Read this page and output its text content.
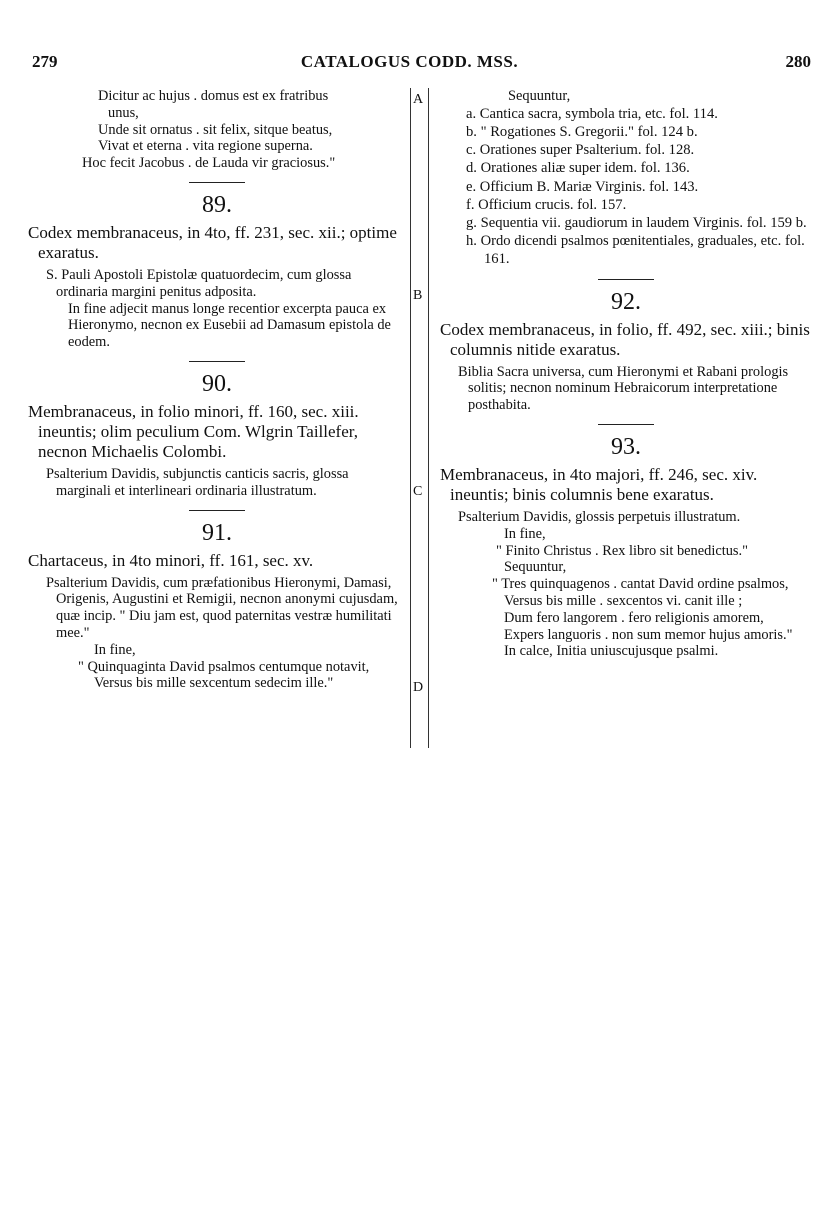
279	CATALOGUS CODD. MSS.	280
A
B
C
D

Dicitur ac hujus . domus est ex fratribus

unus,

Unde sit ornatus . sit felix, sitque beatus,

Vivat et eterna . vita regione superna.

Hoc fecit Jacobus . de Lauda vir graciosus."

89.

Codex membranaceus, in 4to, ff. 231, sec. xii.; optime exaratus.

S. Pauli Apostoli Epistolæ quatuordecim, cum glossa ordinaria margini penitus adposita.

In fine adjecit manus longe recentior excerpta pauca ex Hieronymo, necnon ex Eusebii ad Damasum epistola de eodem.

90.

Membranaceus, in folio minori, ff. 160, sec. xiii. ineuntis; olim peculium Com. Wlgrin Taillefer, necnon Michaelis Colombi.

Psalterium Davidis, subjunctis canticis sacris, glossa marginali et interlineari ordinaria illustratum.

91.

Chartaceus, in 4to minori, ff. 161, sec. xv.

Psalterium Davidis, cum præfationibus Hieronymi, Damasi, Origenis, Augustini et Remigii, necnon anonymi cujusdam, quæ incip. " Diu jam est, quod paternitas vestræ humilitati mee."

In fine,

" Quinquaginta David psalmos centumque notavit,

Versus bis mille sexcentum sedecim ille."

Sequuntur,

a. Cantica sacra, symbola tria, etc. fol. 114.

b. " Rogationes S. Gregorii." fol. 124 b.

c. Orationes super Psalterium. fol. 128.

d. Orationes aliæ super idem. fol. 136.

e. Officium B. Mariæ Virginis. fol. 143.

f. Officium crucis. fol. 157.

g. Sequentia vii. gaudiorum in laudem Virginis. fol. 159 b.

h. Ordo dicendi psalmos pœnitentiales, graduales, etc. fol. 161.

92.

Codex membranaceus, in folio, ff. 492, sec. xiii.; binis columnis nitide exaratus.

Biblia Sacra universa, cum Hieronymi et Rabani prologis solitis; necnon nominum Hebraicorum interpretatione posthabita.

93.

Membranaceus, in 4to majori, ff. 246, sec. xiv. ineuntis; binis columnis bene exaratus.

Psalterium Davidis, glossis perpetuis illustratum.

In fine,

" Finito Christus . Rex libro sit benedictus."

Sequuntur,

" Tres quinquagenos . cantat David ordine psalmos,

Versus bis mille . sexcentos vi. canit ille ;

Dum fero langorem . fero religionis amorem,

Expers languoris . non sum memor hujus amoris."

In calce, Initia uniuscujusque psalmi.
